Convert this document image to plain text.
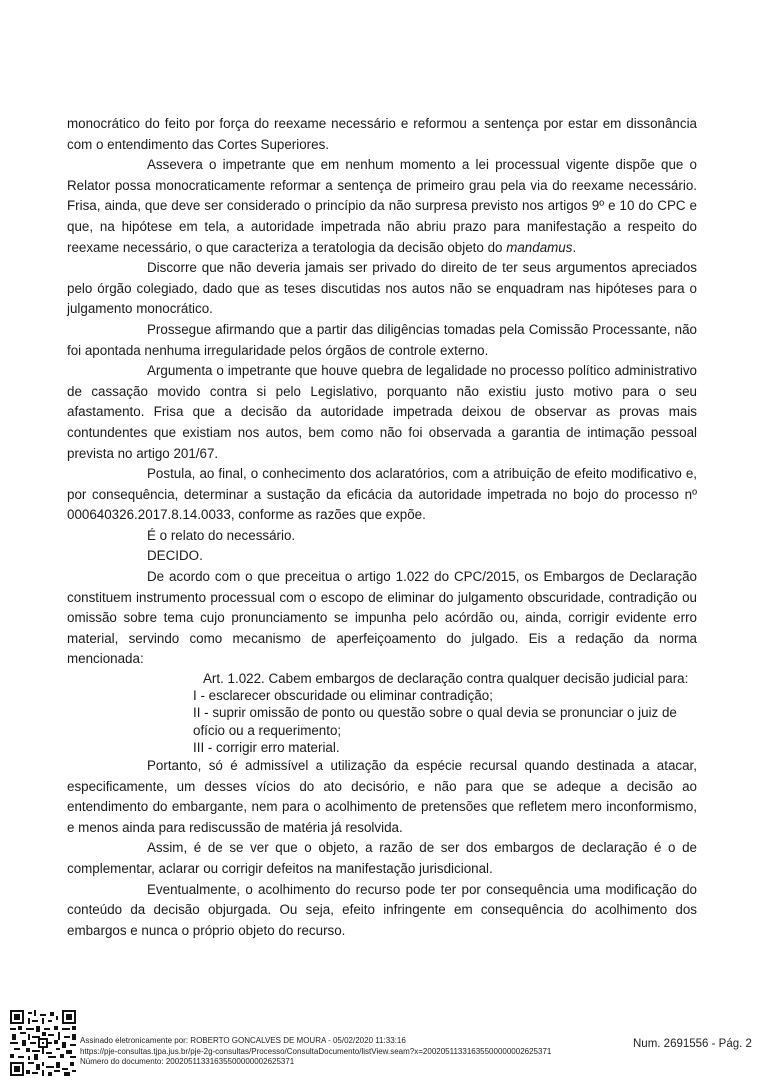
monocrático do feito por força do reexame necessário e reformou a sentença por estar em dissonância com o entendimento das Cortes Superiores.

Assevera o impetrante que em nenhum momento a lei processual vigente dispõe que o Relator possa monocraticamente reformar a sentença de primeiro grau pela via do reexame necessário. Frisa, ainda, que deve ser considerado o princípio da não surpresa previsto nos artigos 9º e 10 do CPC e que, na hipótese em tela, a autoridade impetrada não abriu prazo para manifestação a respeito do reexame necessário, o que caracteriza a teratologia da decisão objeto do mandamus.

Discorre que não deveria jamais ser privado do direito de ter seus argumentos apreciados pelo órgão colegiado, dado que as teses discutidas nos autos não se enquadram nas hipóteses para o julgamento monocrático.

Prossegue afirmando que a partir das diligências tomadas pela Comissão Processante, não foi apontada nenhuma irregularidade pelos órgãos de controle externo.

Argumenta o impetrante que houve quebra de legalidade no processo político administrativo de cassação movido contra si pelo Legislativo, porquanto não existiu justo motivo para o seu afastamento. Frisa que a decisão da autoridade impetrada deixou de observar as provas mais contundentes que existiam nos autos, bem como não foi observada a garantia de intimação pessoal prevista no artigo 201/67.

Postula, ao final, o conhecimento dos aclaratórios, com a atribuição de efeito modificativo e, por consequência, determinar a sustação da eficácia da autoridade impetrada no bojo do processo nº 000640326.2017.8.14.0033, conforme as razões que expõe.

É o relato do necessário.

DECIDO.

De acordo com o que preceitua o artigo 1.022 do CPC/2015, os Embargos de Declaração constituem instrumento processual com o escopo de eliminar do julgamento obscuridade, contradição ou omissão sobre tema cujo pronunciamento se impunha pelo acórdão ou, ainda, corrigir evidente erro material, servindo como mecanismo de aperfeiçoamento do julgado. Eis a redação da norma mencionada:

Art. 1.022. Cabem embargos de declaração contra qualquer decisão judicial para:
I - esclarecer obscuridade ou eliminar contradição;
II - suprir omissão de ponto ou questão sobre o qual devia se pronunciar o juiz de ofício ou a requerimento;
III - corrigir erro material.

Portanto, só é admissível a utilização da espécie recursal quando destinada a atacar, especificamente, um desses vícios do ato decisório, e não para que se adeque a decisão ao entendimento do embargante, nem para o acolhimento de pretensões que refletem mero inconformismo, e menos ainda para rediscussão de matéria já resolvida.

Assim, é de se ver que o objeto, a razão de ser dos embargos de declaração é o de complementar, aclarar ou corrigir defeitos na manifestação jurisdicional.

Eventualmente, o acolhimento do recurso pode ter por consequência uma modificação do conteúdo da decisão objurgada. Ou seja, efeito infringente em consequência do acolhimento dos embargos e nunca o próprio objeto do recurso.

Assinado eletronicamente por: ROBERTO GONCALVES DE MOURA - 05/02/2020 11:33:16
https://pje-consultas.tjpa.jus.br/pje-2g-consultas/Processo/ConsultaDocumento/listView.seam?x=20020511331635500000002625371
Número do documento: 20020511331635500000002625371
Num. 2691556 - Pág. 2
